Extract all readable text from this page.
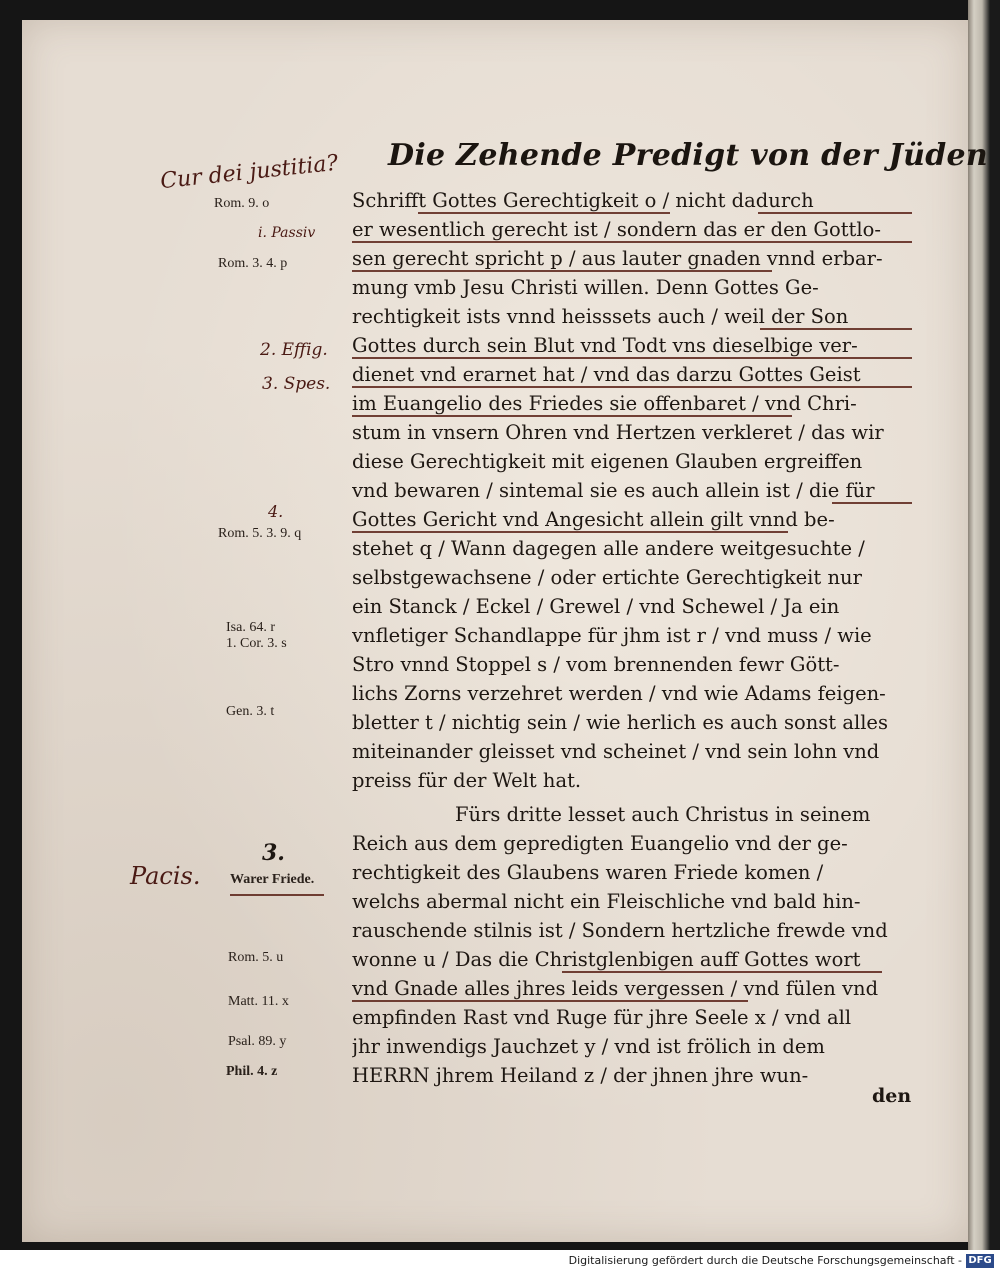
Die Zehende Predigt von der Jüden
Cur dei justitia?
i. Passiv
2. Effig.
3. Spes.
4.
3.
Pacis.
Rom. 9. o
Rom. 3. 4. p
Rom. 5. 3. 9. q
Isa. 64. r
1. Cor. 3. s
Gen. 3. t
Warer Friede.
Rom. 5. u
Matt. 11. x
Psal. 89. y
Phil. 4. z
Schrifft Gottes Gerechtigkeit o / nicht dadurch
er wesentlich gerecht ist / sondern das er den Gottlo-
sen gerecht spricht p / aus lauter gnaden vnnd erbar-
mung vmb Jesu Christi willen. Denn Gottes Ge-
rechtigkeit ists vnnd heisssets auch / weil der Son
Gottes durch sein Blut vnd Todt vns dieselbige ver-
dienet vnd erarnet hat / vnd das darzu Gottes Geist
im Euangelio des Friedes sie offenbaret / vnd Chri-
stum in vnsern Ohren vnd Hertzen verkleret / das wir
diese Gerechtigkeit mit eigenen Glauben ergreiffen
vnd bewaren / sintemal sie es auch allein ist / die für
Gottes Gericht vnd Angesicht allein gilt vnnd be-
stehet q / Wann dagegen alle andere weitgesuchte /
selbstgewachsene / oder ertichte Gerechtigkeit nur
ein Stanck / Eckel / Grewel / vnd Schewel / Ja ein
vnfletiger Schandlappe für jhm ist r / vnd muss / wie
Stro vnnd Stoppel s / vom brennenden fewr Gött-
lichs Zorns verzehret werden / vnd wie Adams feigen-
bletter t / nichtig sein / wie herlich es auch sonst alles
miteinander gleisset vnd scheinet / vnd sein lohn vnd
preiss für der Welt hat.
Fürs dritte lesset auch Christus in seinem
Reich aus dem gepredigten Euangelio vnd der ge-
rechtigkeit des Glaubens waren Friede komen /
welchs abermal nicht ein Fleischliche vnd bald hin-
rauschende stilnis ist / Sondern hertzliche frewde vnd
wonne u / Das die Christglenbigen auff Gottes wort
vnd Gnade alles jhres leids vergessen / vnd fülen vnd
empfinden Rast vnd Ruge für jhre Seele x / vnd all
jhr inwendigs Jauchzet y / vnd ist frölich in dem
HERRN jhrem Heiland z / der jhnen jhre wun-
den
Digitalisierung gefördert durch die Deutsche Forschungsgemeinschaft - DFG
